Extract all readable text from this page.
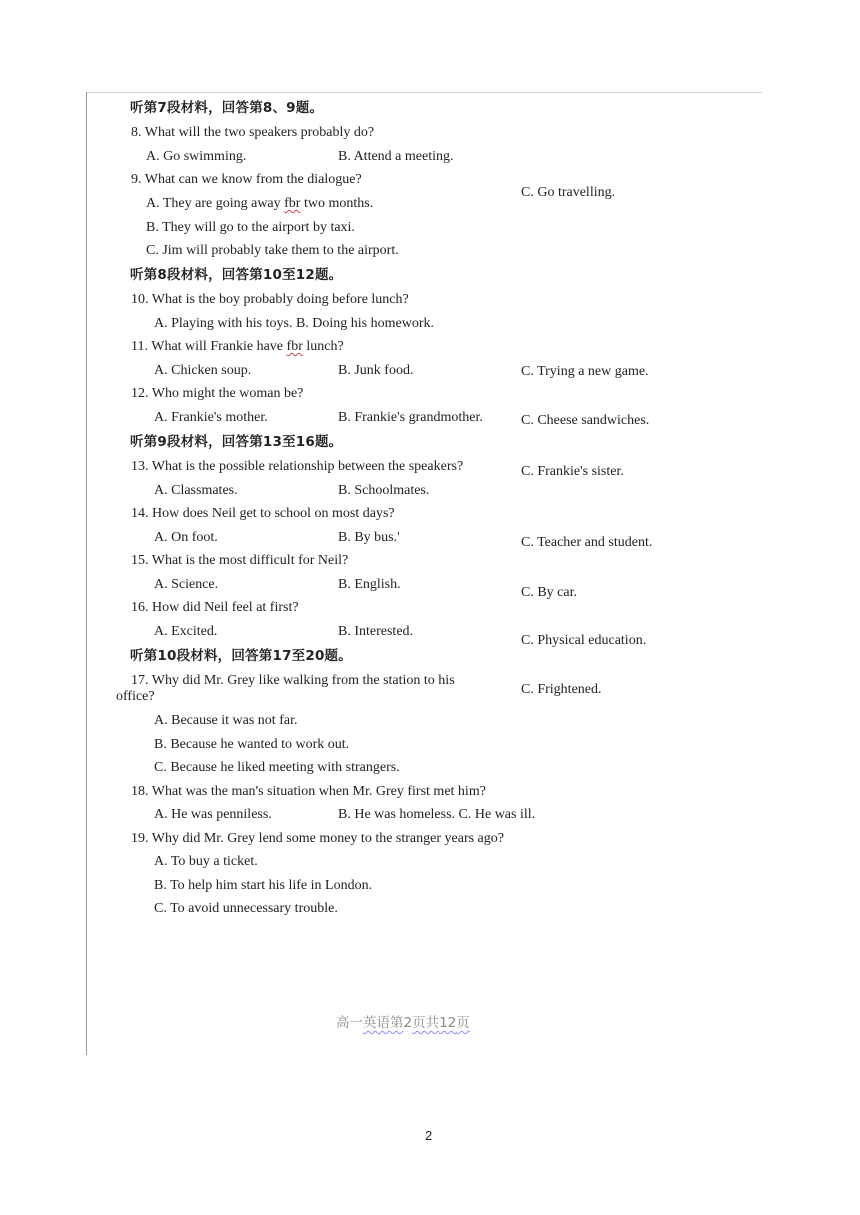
听第7段材料，回答第8、9题。
8. What will the two speakers probably do?
A. Go swimming.	B. Attend a meeting.
C. Go travelling.
9. What can we know from the dialogue?
A. They are going away fbr two months.
B. They will go to the airport by taxi.
C. Jim will probably take them to the airport.
听第8段材料，回答第10至12题。
10. What is the boy probably doing before lunch?
A. Playing with his toys. B. Doing his homework.
C. Trying a new game.
11. What will Frankie have fbr lunch?
A. Chicken soup.	B. Junk food.
C. Cheese sandwiches.
12. Who might the woman be?
A. Frankie's mother.	B. Frankie's grandmother.
C. Frankie's sister.
听第9段材料，回答第13至16题。
13. What is the possible relationship between the speakers?
A. Classmates.	B. Schoolmates.
C. Teacher and student.
14. How does Neil get to school on most days?
A. On foot.	B. By bus.'
C. By car.
15. What is the most difficult for Neil?
A. Science.	B. English.
C. Physical education.
16. How did Neil feel at first?
A. Excited.	B. Interested.
C. Frightened.
听第10段材料，回答第17至20题。
17. Why did Mr. Grey like walking from the station to his
office?
A. Because it was not far.
B. Because he wanted to work out.
C. Because he liked meeting with strangers.
18. What was the man's situation when Mr. Grey first met him?
A. He was penniless.	B. He was homeless. C. He was ill.
19. Why did Mr. Grey lend some money to the stranger years ago?
A. To buy a ticket.
B. To help him start his life in London.
C. To avoid unnecessary trouble.
高一英语第2页共12页
2
